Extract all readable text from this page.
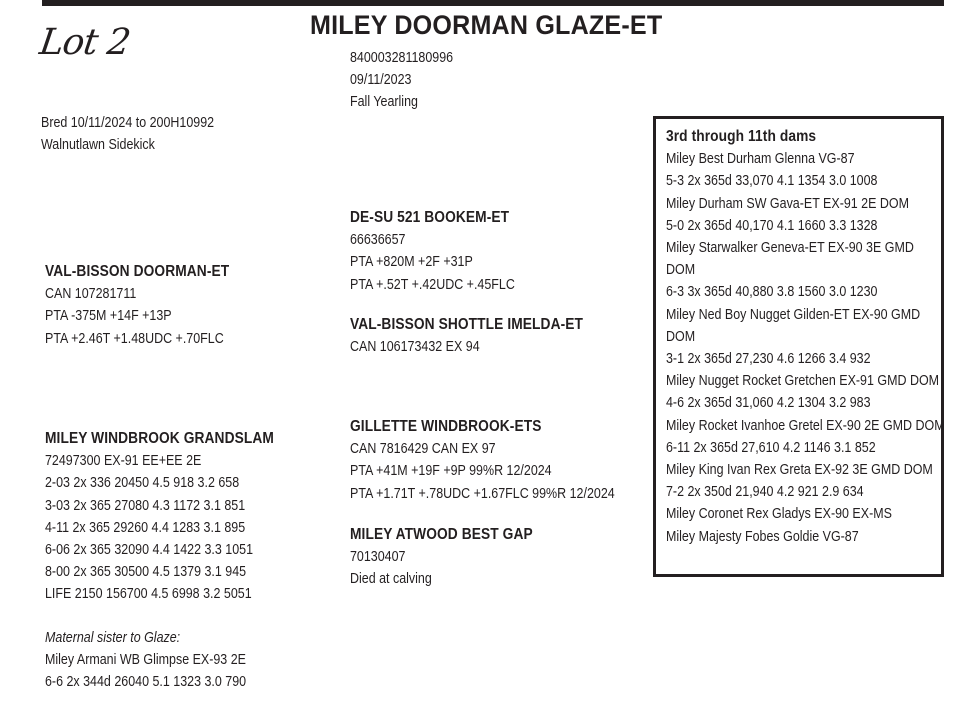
Lot 2	MILEY DOORMAN GLAZE-ET
840003281180996
09/11/2023
Fall Yearling
Bred 10/11/2024 to 200H10992
Walnutlawn Sidekick
DE-SU 521 BOOKEM-ET
66636657
PTA +820M +2F +31P
PTA +.52T +.42UDC +.45FLC
VAL-BISSON DOORMAN-ET
CAN 107281711
PTA -375M +14F +13P
PTA +2.46T +1.48UDC +.70FLC
VAL-BISSON SHOTTLE IMELDA-ET
CAN 106173432 EX 94
GILLETTE WINDBROOK-ETS
CAN 7816429 CAN EX 97
PTA +41M +19F +9P 99%R 12/2024
PTA +1.71T +.78UDC +1.67FLC 99%R 12/2024
MILEY WINDBROOK GRANDSLAM
72497300 EX-91 EE+EE 2E
2-03 2x 336 20450 4.5 918 3.2 658
3-03 2x 365 27080 4.3 1172 3.1 851
4-11 2x 365 29260 4.4 1283 3.1 895
6-06 2x 365 32090 4.4 1422 3.3 1051
8-00 2x 365 30500 4.5 1379 3.1 945
LIFE 2150 156700 4.5 6998 3.2 5051
MILEY ATWOOD BEST GAP
70130407
Died at calving
Maternal sister to Glaze:
Miley Armani WB Glimpse EX-93 2E
6-6 2x 344d 26040 5.1 1323 3.0 790
3rd through 11th dams
Miley Best Durham Glenna VG-87
5-3 2x 365d 33,070 4.1 1354 3.0 1008
Miley Durham SW Gava-ET EX-91 2E DOM
5-0 2x 365d 40,170 4.1 1660 3.3 1328
Miley Starwalker Geneva-ET EX-90 3E GMD
DOM
6-3 3x 365d 40,880 3.8 1560 3.0 1230
Miley Ned Boy Nugget Gilden-ET EX-90 GMD
DOM
3-1 2x 365d 27,230 4.6 1266 3.4 932
Miley Nugget Rocket Gretchen EX-91 GMD DOM
4-6 2x 365d 31,060 4.2 1304 3.2 983
Miley Rocket Ivanhoe Gretel EX-90 2E GMD DOM
6-11 2x 365d 27,610 4.2 1146 3.1 852
Miley King Ivan Rex Greta EX-92 3E GMD DOM
7-2 2x 350d 21,940 4.2 921 2.9 634
Miley Coronet Rex Gladys EX-90 EX-MS
Miley Majesty Fobes Goldie VG-87
